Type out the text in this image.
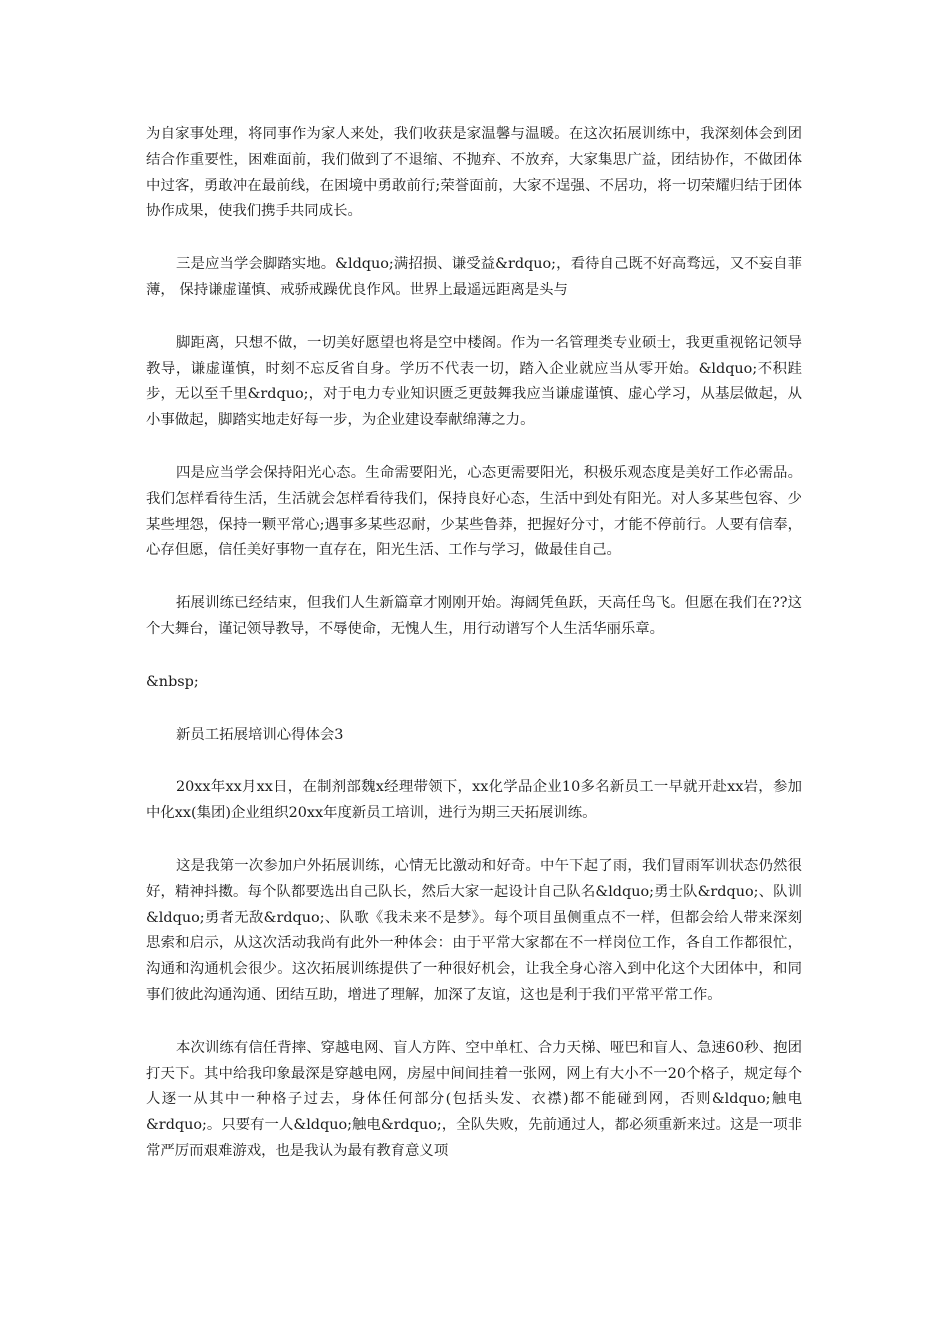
为自家事处理，将同事作为家人来处，我们收获是家温馨与温暖。在这次拓展训练中，我深刻体会到团结合作重要性，困难面前，我们做到了不退缩、不抛弃、不放弃，大家集思广益，团结协作，不做团体中过客，勇敢冲在最前线，在困境中勇敢前行;荣誉面前，大家不逞强、不居功，将一切荣耀归结于团体协作成果，使我们携手共同成长。

三是应当学会脚踏实地。&ldquo;满招损、谦受益&rdquo;，看待自己既不好高骛远，又不妄自菲薄， 保持谦虚谨慎、戒骄戒躁优良作风。世界上最遥远距离是头与

脚距离，只想不做，一切美好愿望也将是空中楼阁。作为一名管理类专业硕士，我更重视铭记领导教导，谦虚谨慎，时刻不忘反省自身。学历不代表一切，踏入企业就应当从零开始。&ldquo;不积跬步，无以至千里&rdquo;，对于电力专业知识匮乏更鼓舞我应当谦虚谨慎、虚心学习，从基层做起，从小事做起，脚踏实地走好每一步，为企业建设奉献绵薄之力。

四是应当学会保持阳光心态。生命需要阳光，心态更需要阳光，积极乐观态度是美好工作必需品。我们怎样看待生活，生活就会怎样看待我们，保持良好心态，生活中到处有阳光。对人多某些包容、少某些埋怨，保持一颗平常心;遇事多某些忍耐，少某些鲁莽，把握好分寸，才能不停前行。人要有信奉，心存但愿，信任美好事物一直存在，阳光生活、工作与学习，做最佳自己。

拓展训练已经结束，但我们人生新篇章才刚刚开始。海阔凭鱼跃，天高任鸟飞。但愿在我们在??这个大舞台，谨记领导教导，不辱使命，无愧人生，用行动谱写个人生活华丽乐章。

&nbsp;

新员工拓展培训心得体会3

20xx年xx月xx日，在制剂部魏x经理带领下，xx化学品企业10多名新员工一早就开赴xx岩，参加中化xx(集团)企业组织20xx年度新员工培训，进行为期三天拓展训练。

这是我第一次参加户外拓展训练，心情无比激动和好奇。中午下起了雨，我们冒雨军训状态仍然很好，精神抖擞。每个队都要选出自己队长，然后大家一起设计自己队名&ldquo;勇士队&rdquo;、队训&ldquo;勇者无敌&rdquo;、队歌《我未来不是梦》。每个项目虽侧重点不一样，但都会给人带来深刻思索和启示，从这次活动我尚有此外一种体会：由于平常大家都在不一样岗位工作，各自工作都很忙，沟通和沟通机会很少。这次拓展训练提供了一种很好机会，让我全身心溶入到中化这个大团体中，和同事们彼此沟通沟通、团结互助，增进了理解，加深了友谊，这也是利于我们平常平常工作。

本次训练有信任背摔、穿越电网、盲人方阵、空中单杠、合力天梯、哑巴和盲人、急速60秒、抱团打天下。其中给我印象最深是穿越电网，房屋中间间挂着一张网，网上有大小不一20个格子，规定每个人逐一从其中一种格子过去，身体任何部分(包括头发、衣襟)都不能碰到网，否则&ldquo;触电&rdquo;。只要有一人&ldquo;触电&rdquo;，全队失败，先前通过人，都必须重新来过。这是一项非常严厉而艰难游戏，也是我认为最有教育意义项
